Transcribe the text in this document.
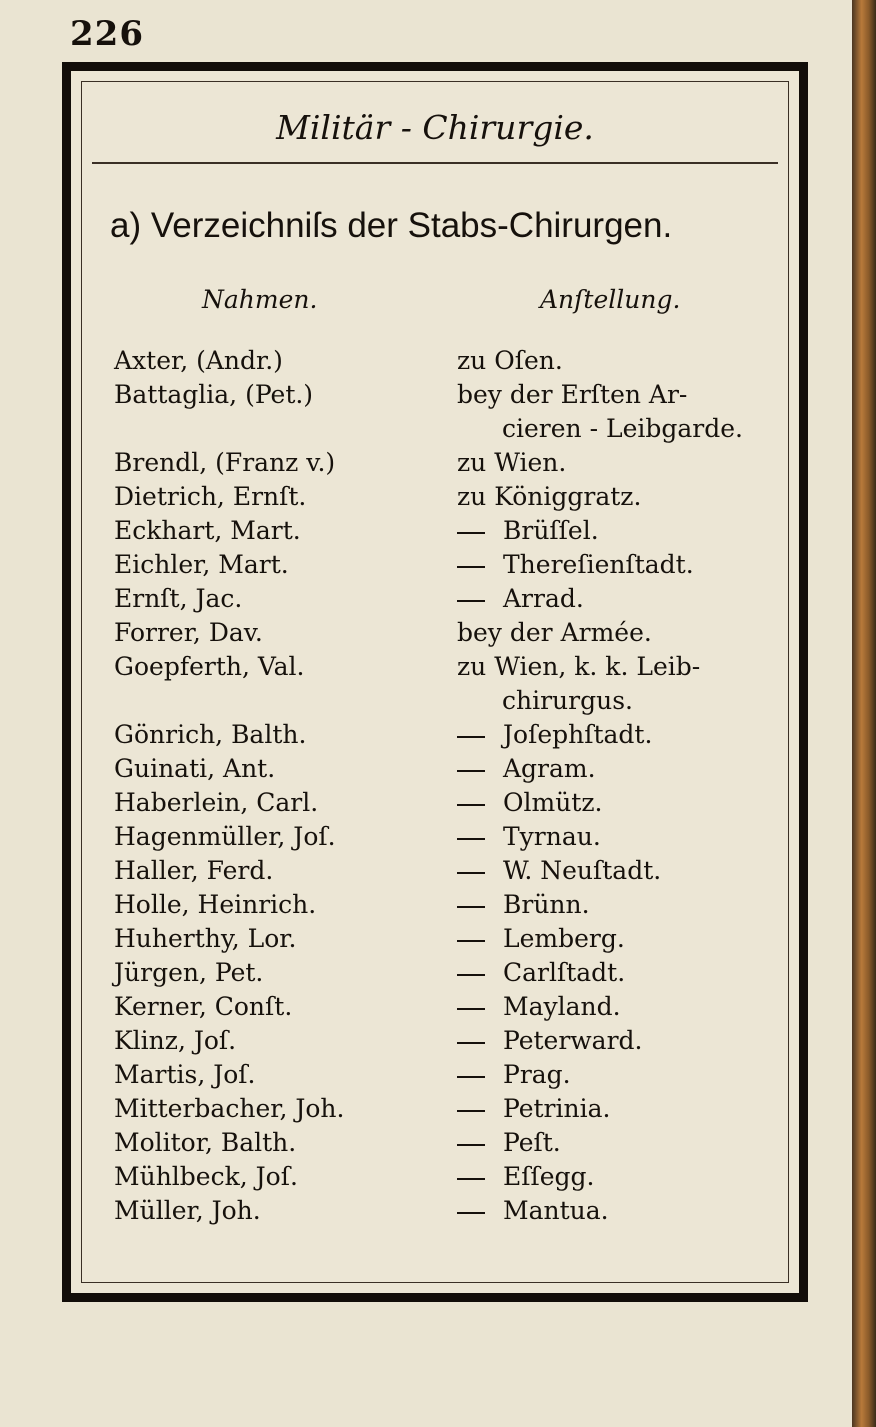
226
Militär - Chirurgie.
a) Verzeichniſs der Stabs-Chirurgen.
Nahmen.	Anſtellung.
Axter, (Andr.)	zu Oſen.
Battaglia, (Pet.)	bey der Erſten Ar-
cieren - Leibgarde.
Brendl, (Franz v.)	zu Wien.
Dietrich, Ernſt.	zu Königgratz.
Eckhart, Mart.	Brüſſel.
Eichler, Mart.	Thereſienſtadt.
Ernſt, Jac.	Arrad.
Forrer, Dav.	bey der Armée.
Goepferth, Val.	zu Wien, k. k. Leib-
chirurgus.
Gönrich, Balth.	Joſephſtadt.
Guinati, Ant.	Agram.
Haberlein, Carl.	Olmütz.
Hagenmüller, Joſ.	Tyrnau.
Haller, Ferd.	W. Neuſtadt.
Holle, Heinrich.	Brünn.
Huherthy, Lor.	Lemberg.
Jürgen, Pet.	Carlſtadt.
Kerner, Conſt.	Mayland.
Klinz, Joſ.	Peterward.
Martis, Joſ.	Prag.
Mitterbacher, Joh.	Petrinia.
Molitor, Balth.	Peſt.
Mühlbeck, Joſ.	Eſſegg.
Müller, Joh.	Mantua.
